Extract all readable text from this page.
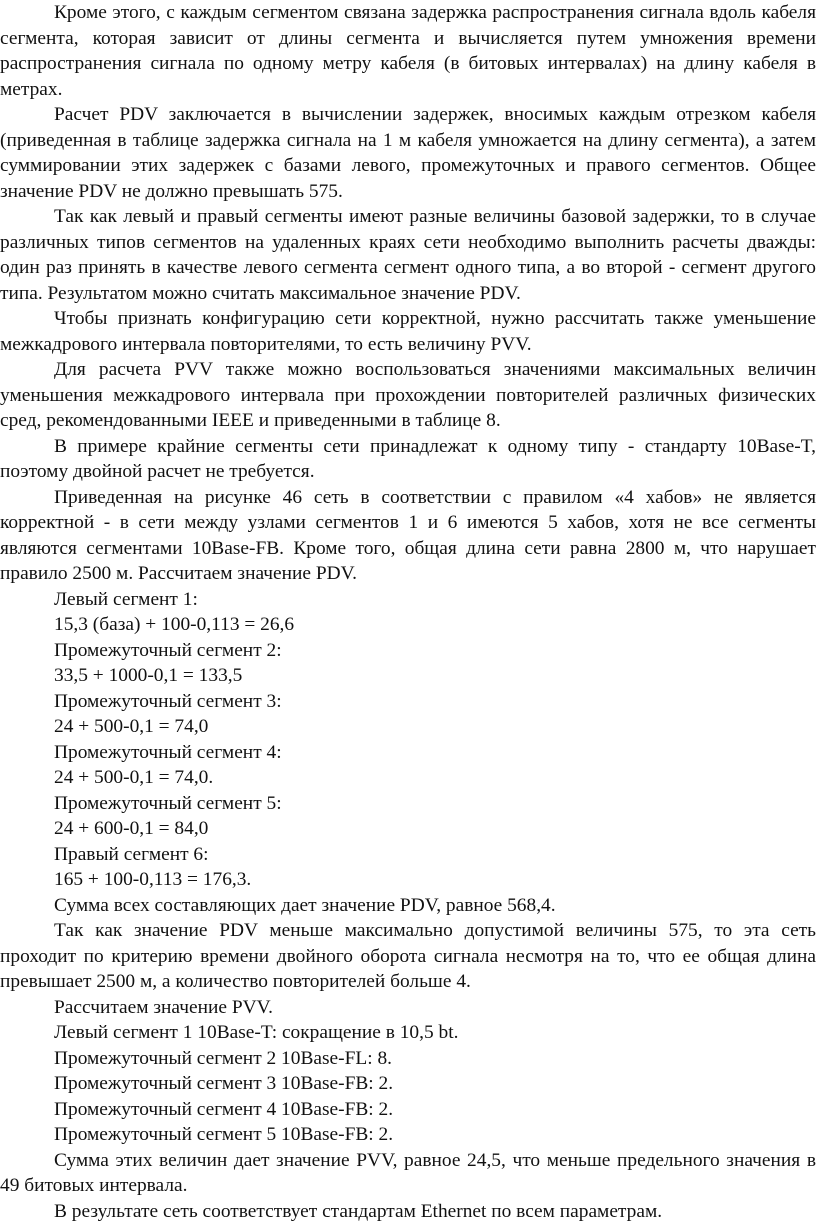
Кроме этого, с каждым сегментом связана задержка распространения сигнала вдоль кабеля сегмента, которая зависит от длины сегмента и вычисляется путем умножения времени распространения сигнала по одному метру кабеля (в битовых интервалах) на длину кабеля в метрах.

Расчет PDV заключается в вычислении задержек, вносимых каждым отрезком кабеля (приведенная в таблице задержка сигнала на 1 м кабеля умножается на длину сегмента), а затем суммировании этих задержек с базами левого, промежуточных и правого сегментов. Общее значение PDV не должно превышать 575.

Так как левый и правый сегменты имеют разные величины базовой задержки, то в случае различных типов сегментов на удаленных краях сети необходимо выполнить расчеты дважды: один раз принять в качестве левого сегмента сегмент одного типа, а во второй - сегмент другого типа. Результатом можно считать максимальное значение PDV.

Чтобы признать конфигурацию сети корректной, нужно рассчитать также уменьшение межкадрового интервала повторителями, то есть величину PVV.

Для расчета PVV также можно воспользоваться значениями максимальных величин уменьшения межкадрового интервала при прохождении повторителей различных физических сред, рекомендованными IEEE и приведенными в таблице 8.

В примере крайние сегменты сети принадлежат к одному типу - стандарту 10Base-T, поэтому двойной расчет не требуется.

Приведенная на рисунке 46 сеть в соответствии с правилом «4 хабов» не является корректной - в сети между узлами сегментов 1 и 6 имеются 5 хабов, хотя не все сегменты являются сегментами 10Base-FB. Кроме того, общая длина сети равна 2800 м, что нарушает правило 2500 м. Рассчитаем значение PDV.

Левый сегмент 1:

15,3 (база) + 100-0,113 = 26,6

Промежуточный сегмент 2:

33,5 + 1000-0,1 = 133,5

Промежуточный сегмент 3:

24 + 500-0,1 = 74,0

Промежуточный сегмент 4:

24 + 500-0,1 = 74,0.

Промежуточный сегмент 5:

24 + 600-0,1 = 84,0

Правый сегмент 6:

165 + 100-0,113 = 176,3.

Сумма всех составляющих дает значение PDV, равное 568,4.

Так как значение PDV меньше максимально допустимой величины 575, то эта сеть проходит по критерию времени двойного оборота сигнала несмотря на то, что ее общая длина превышает 2500 м, а количество повторителей больше 4.

Рассчитаем значение PVV.

Левый сегмент 1 10Base-T: сокращение в 10,5 bt.

Промежуточный сегмент 2 10Base-FL: 8.

Промежуточный сегмент 3 10Base-FB: 2.

Промежуточный сегмент 4 10Base-FB: 2.

Промежуточный сегмент 5 10Base-FB: 2.

Сумма этих величин дает значение PVV, равное 24,5, что меньше предельного значения в 49 битовых интервала.

В результате сеть соответствует стандартам Ethernet по всем параметрам.
